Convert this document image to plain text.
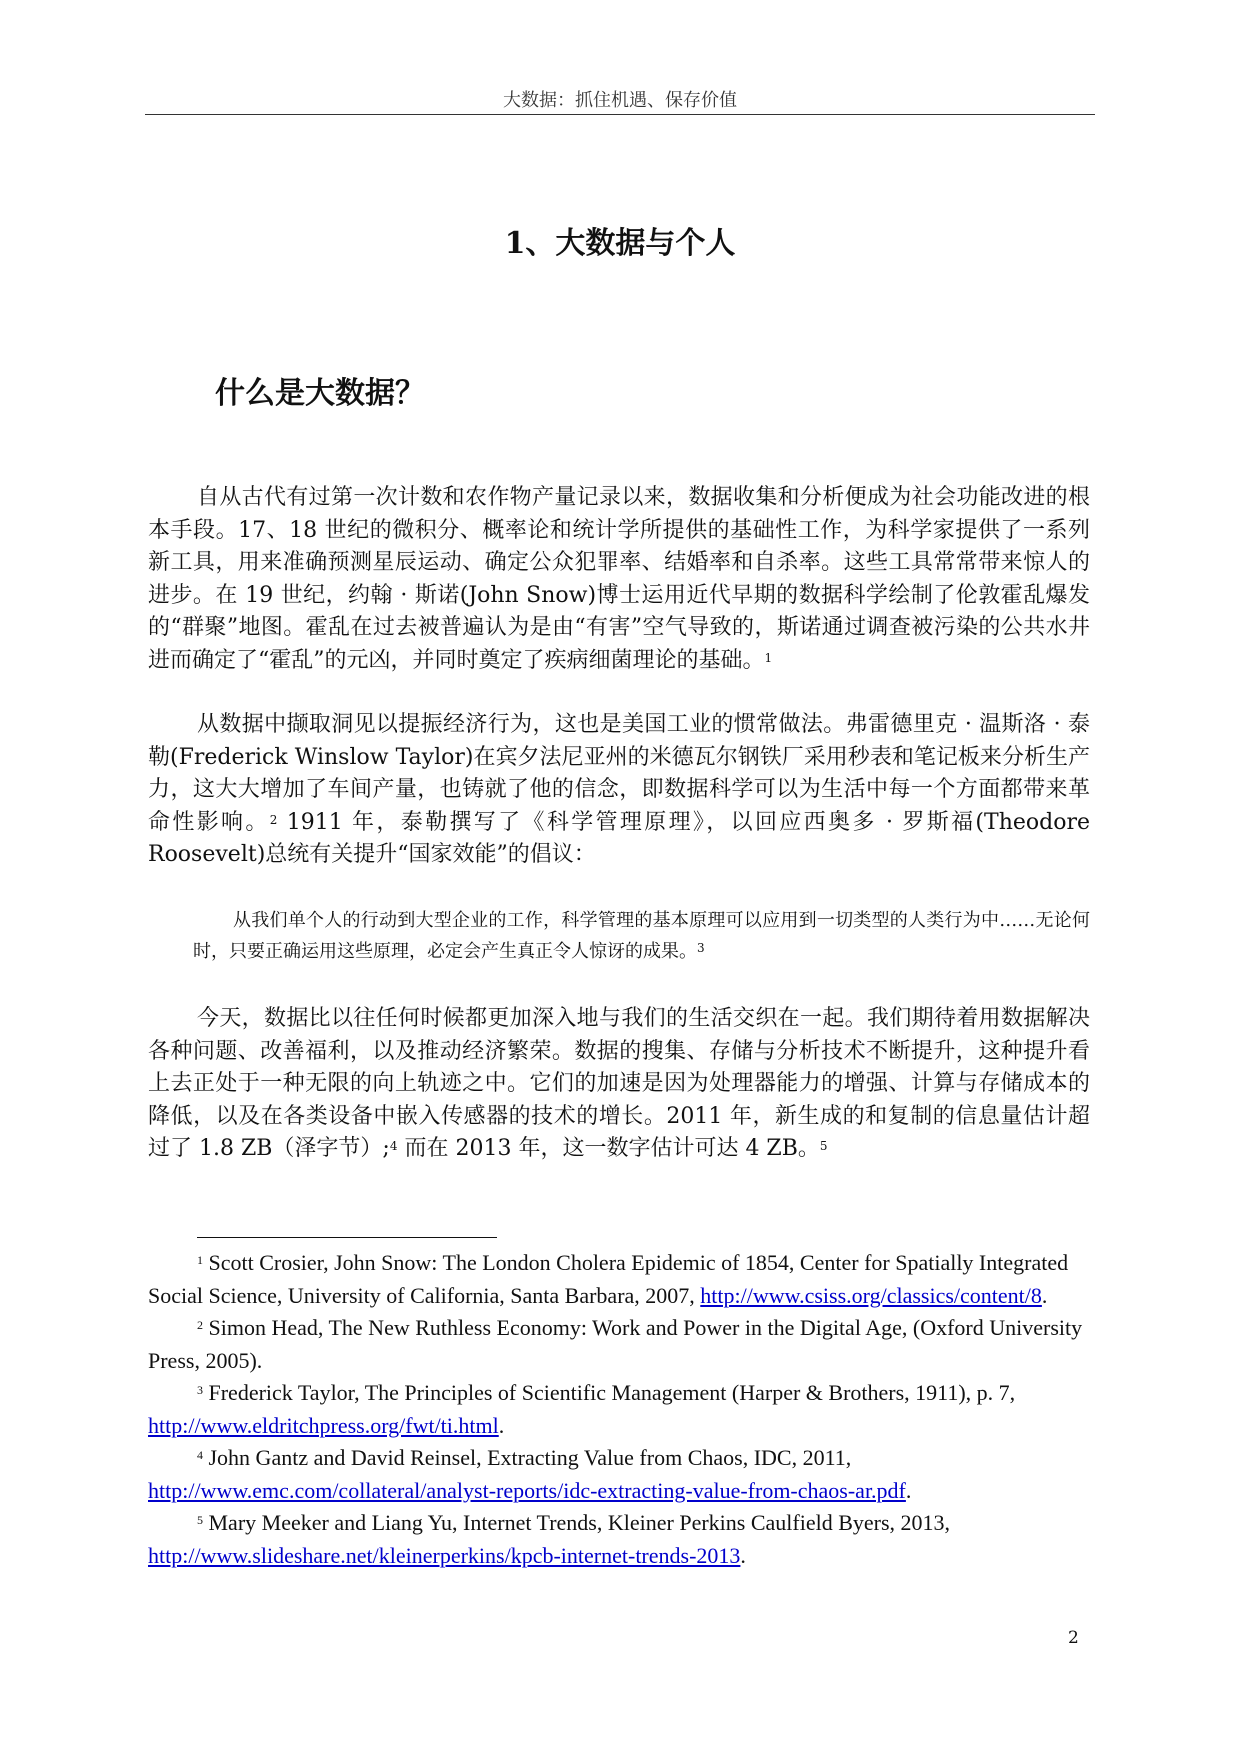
大数据：抓住机遇、保存价值
1、大数据与个人
什么是大数据？

自从古代有过第一次计数和农作物产量记录以来，数据收集和分析便成为社会功能改进的根本手段。17、18 世纪的微积分、概率论和统计学所提供的基础性工作，为科学家提供了一系列新工具，用来准确预测星辰运动、确定公众犯罪率、结婚率和自杀率。这些工具常常带来惊人的进步。在 19 世纪，约翰 · 斯诺(John Snow)博士运用近代早期的数据科学绘制了伦敦霍乱爆发的“群聚”地图。霍乱在过去被普遍认为是由“有害”空气导致的，斯诺通过调查被污染的公共水井进而确定了“霍乱”的元凶，并同时奠定了疾病细菌理论的基础。$^1$

从数据中撷取洞见以提振经济行为，这也是美国工业的惯常做法。弗雷德里克 · 温斯洛 · 泰勒(Frederick Winslow Taylor)在宾夕法尼亚州的米德瓦尔钢铁厂采用秒表和笔记板来分析生产力，这大大增加了车间产量，也铸就了他的信念，即数据科学可以为生活中每一个方面都带来革命性影响。$^2$ 1911 年，泰勒撰写了《科学管理原理》，以回应西奥多 · 罗斯福(Theodore Roosevelt)总统有关提升“国家效能”的倡议：

从我们单个人的行动到大型企业的工作，科学管理的基本原理可以应用到一切类型的人类行为中……无论何时，只要正确运用这些原理，必定会产生真正令人惊讶的成果。$^3$

今天，数据比以往任何时候都更加深入地与我们的生活交织在一起。我们期待着用数据解决各种问题、改善福利，以及推动经济繁荣。数据的搜集、存储与分析技术不断提升，这种提升看上去正处于一种无限的向上轨迹之中。它们的加速是因为处理器能力的增强、计算与存储成本的降低，以及在各类设备中嵌入传感器的技术的增长。2011 年，新生成的和复制的信息量估计超过了 1.8 ZB（泽字节）;$^4$ 而在 2013 年，这一数字估计可达 4 ZB。$^5$

$^1$ Scott Crosier, John Snow: The London Cholera Epidemic of 1854, Center for Spatially Integrated Social Science, University of California, Santa Barbara, 2007, http://www.csiss.org/classics/content/8.

$^2$ Simon Head, The New Ruthless Economy: Work and Power in the Digital Age, (Oxford University Press, 2005).

$^3$ Frederick Taylor, The Principles of Scientific Management (Harper & Brothers, 1911), p. 7, http://www.eldritchpress.org/fwt/ti.html.

$^4$ John Gantz and David Reinsel, Extracting Value from Chaos, IDC, 2011, http://www.emc.com/collateral/analyst-reports/idc-extracting-value-from-chaos-ar.pdf.

$^5$ Mary Meeker and Liang Yu, Internet Trends, Kleiner Perkins Caulfield Byers, 2013, http://www.slideshare.net/kleinerperkins/kpcb-internet-trends-2013.

2
